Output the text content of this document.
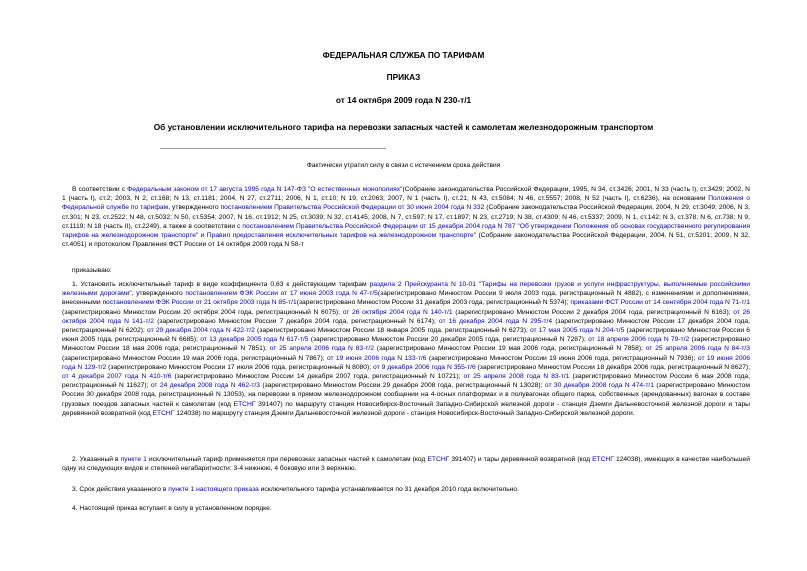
ФЕДЕРАЛЬНАЯ СЛУЖБА ПО ТАРИФАМ
ПРИКАЗ
от 14 октября 2009 года N 230-т/1
Об установлении исключительного тарифа на перевозки запасных частей к самолетам железнодорожным транспортом
Фактически утратил силу в связи с истечением срока действия

В соответствии с Федеральным законом от 17 августа 1995 года N 147-ФЗ "О естественных монополиях"(Собрание законодательства Российской Федерации, 1995, N 34, ст.3426; 2001, N 33 (часть I), ст.3429; 2002, N 1 (часть I), ст.2; 2003, N 2, ст.168; N 13, ст.1181; 2004, N 27, ст.2711; 2006, N 1, ст.10; N 19, ст.2063; 2007, N 1 (часть I), ст.21; N 43, ст.5084; N 46, ст.5557; 2008, N 52 (часть I), ст.6236), на основании Положения о Федеральной службе по тарифам, утвержденного постановлением Правительства Российской Федерации от 30 июня 2004 года N 332 (Собрание законодательства Российской Федерации, 2004, N 29, ст.3049; 2006, N 3, ст.301; N 23, ст.2522; N 48, ст.5032; N 50, ст.5354; 2007, N 16, ст.1912; N 25, ст.3039; N 32, ст.4145; 2008, N 7, ст.597; N 17, ст.1897; N 23, ст.2719; N 38, ст.4309; N 46, ст.5337; 2009, N 1, ст.142; N 3, ст.378; N 6, ст.738; N 9, ст.1119; N 18 (часть II), ст.2249), а также в соответствии с постановлением Правительства Российской Федерации от 15 декабря 2004 года N 787 "Об утверждении Положения об основах государственного регулирования тарифов на железнодорожном транспорте" и Правил предоставления исключительных тарифов на железнодорожном транспорте" (Собрание законодательства Российской Федерации, 2004, N 51, ст.5201; 2009, N 32, ст.4051) и протоколом Правления ФСТ России от 14 октября 2009 года N 58-т

приказываю:

1. Установить исключительный тариф в виде коэффициента 0,63 к действующим тарифам раздела 2 Прейскуранта N 10-01 "Тарифы на перевозки грузов и услуги инфраструктуры, выполняемые российскими железными дорогами", утвержденного постановлением ФЭК России от 17 июня 2003 года N 47-т/5(зарегистрировано Минюстом России 9 июля 2003 года, регистрационный N 4882), с изменениями и дополнениями, внесенными постановлением ФЭК России от 21 октября 2003 года N 85-т/1(зарегистрировано Минюстом России 31 декабря 2003 года, регистрационный N 5374); приказами ФСТ России от 14 сентября 2004 года N 71-т/1 (зарегистрировано Минюстом России 20 октября 2004 года, регистрационный N 6075); от 26 октября 2004 года N 140-т/1 (зарегистрировано Минюстом России 2 декабря 2004 года, регистрационный N 6163); от 26 октября 2004 года N 141-т/2 (зарегистрировано Минюстом России 7 декабря 2004 года, регистрационный N 6174); от 16 декабря 2004 года N 295-т/4 (зарегистрировано Минюстом России 17 декабря 2004 года, регистрационный N 6202); от 29 декабря 2004 года N 422-т/2 (зарегистрировано Минюстом России 18 января 2005 года, регистрационный N 6273); от 17 мая 2005 года N 204-т/5 (зарегистрировано Минюстом России 6 июня 2005 года, регистрационный N 6685); от 13 декабря 2005 года N 617-т/5 (зарегистрировано Минюстом России 20 декабря 2005 года, регистрационный N 7287); от 18 апреля 2006 года N 79-т/2 (зарегистрировано Минюстом России 18 мая 2006 года, регистрационный N 7851); от 25 апреля 2006 года N 83-т/2 (зарегистрировано Минюстом России 19 мая 2006 года, регистрационный N 7858); от 25 апреля 2006 года N 84-т/3 (зарегистрировано Минюстом России 19 мая 2006 года, регистрационный N 7867); от 19 июня 2006 года N 133-т/6 (зарегистрировано Минюстом России 19 июня 2006 года, регистрационный N 7936); от 19 июня 2006 года N 129-т/2 (зарегистрировано Минюстом России 17 июля 2006 года, регистрационный N 8080); от 9 декабря 2006 года N 355-т/6 (зарегистрировано Минюстом России 18 декабря 2006 года, регистрационный N 8627); от 4 декабря 2007 года N 410-т/6 (зарегистрировано Минюстом России 14 декабря 2007 года, регистрационный N 10721); от 25 апреля 2008 года N 83-т/1 (зарегистрировано Минюстом России 6 мая 2008 года, регистрационный N 11627); от 24 декабря 2008 года N 462-т/3 (зарегистрировано Минюстом России 29 декабря 2008 года, регистрационный N 13028); от 30 декабря 2008 года N 474-т/1 (зарегистрировано Минюстом России 30 декабря 2008 года, регистрационный N 13053), на перевозки в прямом железнодорожном сообщении на 4-осных платформах и в полувагонах общего парка, собственных (арендованных) вагонах в составе грузовых поездов запасных частей к самолетам (код ЕТСНГ 391407) по маршруту станция Новосибирск-Восточный Западно-Сибирской железной дороги - станция Дземги Дальневосточной железной дороги и тары деревянной возвратной (код ЕТСНГ 124038) по маршруту станция Дземги Дальневосточной железной дороги - станция Новосибирск-Восточный Западно-Сибирской железной дороги.

2. Указанный в пункте 1 исключительный тариф применяется при перевозках запасных частей к самолетам (код ЕТСНГ 391407) и тары деревянной возвратной (код ЕТСНГ 124038), имеющих в качестве наибольшей одну из следующих видов и степеней негабаритности: 3-4 нижнюю, 4 боковую или 3 верхнюю.

3. Срок действия указанного в пункте 1 настоящего приказа исключительного тарифа устанавливается по 31 декабря 2010 года включительно.

4. Настоящий приказ вступает в силу в установленном порядке.
